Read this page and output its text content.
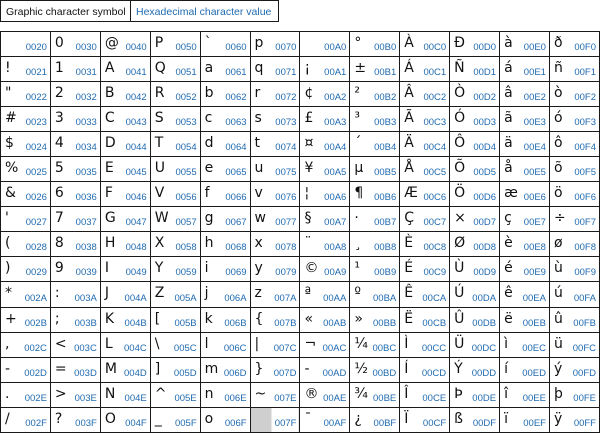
Graphic character symbol Hexadecimal character value
0020	0 0030	@ 0040	P 0050	` 0060	p 0070	00A0	° 00B0	À 00C0	Ð 00D0	à 00E0	ð 00F0

! 0021	1 0031	A 0041	Q 0051	a 0061	q 0071	¡ 00A1	± 00B1	Á 00C1	Ñ 00D1	á 00E1	ñ 00F1

" 0022	2 0032	B 0042	R 0052	b 0062	r 0072	¢ 00A2	² 00B2	Â 00C2	Ò 00D2	â 00E2	ò 00F2

# 0023	3 0033	C 0043	S 0053	c 0063	s 0073	£ 00A3	³ 00B3	Ã 00C3	Ó 00D3	ã 00E3	ó 00F3

$ 0024	4 0034	D 0044	T 0054	d 0064	t 0074	¤ 00A4	´ 00B4	Ä 00C4	Ô 00D4	ä 00E4	ô 00F4

% 0025	5 0035	E 0045	U 0055	e 0065	u 0075	¥ 00A5	µ 00B5	Å 00C5	Õ 00D5	å 00E5	õ 00F5

& 0026	6 0036	F 0046	V 0056	f 0066	v 0076	¦ 00A6	¶ 00B6	Æ 00C6	Ö 00D6	æ 00E6	ö 00F6

' 0027	7 0037	G 0047	W 0057	g 0067	w 0077	§ 00A7	· 00B7	Ç 00C7	× 00D7	ç 00E7	÷ 00F7

( 0028	8 0038	H 0048	X 0058	h 0068	x 0078	¨ 00A8	¸ 00B8	È 00C8	Ø 00D8	è 00E8	ø 00F8

) 0029	9 0039	I 0049	Y 0059	i 0069	y 0079	© 00A9	¹ 00B9	É 00C9	Ù 00D9	é 00E9	ù 00F9

* 002A	: 003A	J 004A	Z 005A	j 006A	z 007A	ª 00AA	º 00BA	Ê 00CA	Ú 00DA	ê 00EA	ú 00FA

+ 002B	; 003B	K 004B	[ 005B	k 006B	{ 007B	« 00AB	» 00BB	Ë 00CB	Û 00DB	ë 00EB	û 00FB

, 002C	< 003C	L 004C	\ 005C	l 006C	| 007C	¬ 00AC	¼ 00BC	Ì 00CC	Ü 00DC	ì 00EC	ü 00FC

- 002D	= 003D	M 004D	] 005D	m 006D	} 007D	- 00AD	½ 00BD	Í 00CD	Ý 00DD	í 00ED	ý 00FD

. 002E	> 003E	N 004E	^ 005E	n 006E	~ 007E	® 00AE	¾ 00BE	Î 00CE	Þ 00DE	î 00EE	þ 00FE

/ 002F	? 003F	O 004F	_ 005F	o 006F	007F	¯ 00AF	¿ 00BF	Ï 00CF	ß 00DF	ï 00EF	ÿ 00FF
